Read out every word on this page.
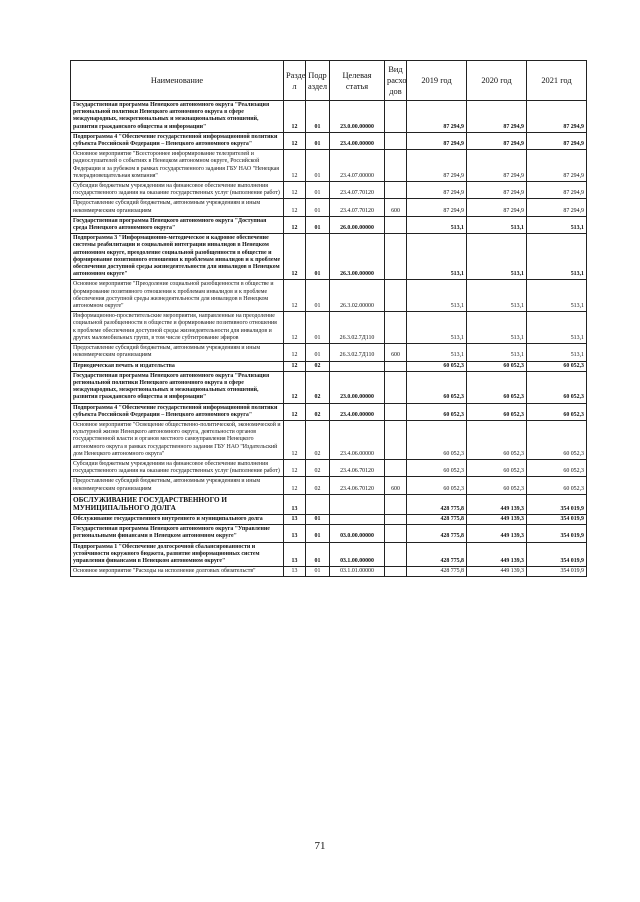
Наименование	Разде л	Подр аздел	Целевая статья	Вид расхо дов	2019 год	2020 год	2021 год
Государственная программа Ненецкого автономного округа "Реализация региональной политики Ненецкого автономного округа в сфере международных, межрегиональных и межнациональных отношений, развития гражданского общества и информации"	12	01	23.0.00.00000		87 294,9	87 294,9	87 294,9
Подпрограмма 4 "Обеспечение государственной информационной политики субъекта Российской Федерации – Ненецкого автономного округа"	12	01	23.4.00.00000		87 294,9	87 294,9	87 294,9
Основное мероприятие "Всестороннее информирование телезрителей и радиослушателей о событиях в Ненецком автономном округе, Российской Федерации и за рубежом в рамках государственного задания ГБУ НАО "Ненецкая телерадиовещательная компания"	12	01	23.4.07.00000		87 294,9	87 294,9	87 294,9
Субсидии бюджетным учреждениям на финансовое обеспечение выполнения государственного задания на оказание государственных услуг (выполнение работ)	12	01	23.4.07.70120		87 294,9	87 294,9	87 294,9
Предоставление субсидий бюджетным, автономным учреждениям и иным некоммерческим организациям	12	01	23.4.07.70120	600	87 294,9	87 294,9	87 294,9
Государственная программа Ненецкого автономного округа "Доступная среда Ненецкого автономного округа"	12	01	26.0.00.00000		513,1	513,1	513,1
Подпрограмма 3 "Информационно-методическое и кадровое обеспечение системы реабилитации и социальной интеграции инвалидов в Ненецком автономном округе, преодоление социальной разобщенности в обществе и формирование позитивного отношения к проблемам инвалидов и к проблеме обеспечения доступной среды жизнедеятельности для инвалидов в Ненецком автономном округе"	12	01	26.3.00.00000		513,1	513,1	513,1
Основное мероприятие "Преодоление социальной разобщенности в обществе и формирование позитивного отношения к проблемам инвалидов и к проблеме обеспечения доступной среды жизнедеятельности для инвалидов в Ненецком автономном округе"	12	01	26.3.02.00000		513,1	513,1	513,1
Информационно-просветительские мероприятия, направленные на преодоление социальной разобщенности в обществе и формирование позитивного отношения к проблеме обеспечения доступной среды жизнедеятельности для инвалидов и других маломобильных групп, в том числе субтитрование эфиров	12	01	26.3.02.7Д110		513,1	513,1	513,1
Предоставление субсидий бюджетным, автономным учреждениям и иным некоммерческим организациям	12	01	26.3.02.7Д110	600	513,1	513,1	513,1
Периодическая печать и издательства	12	02			60 052,3	60 052,3	60 052,3
Государственная программа Ненецкого автономного округа "Реализация региональной политики Ненецкого автономного округа в сфере международных, межрегиональных и межнациональных отношений, развития гражданского общества и информации"	12	02	23.0.00.00000		60 052,3	60 052,3	60 052,3
Подпрограмма 4 "Обеспечение государственной информационной политики субъекта Российской Федерации – Ненецкого автономного округа"	12	02	23.4.00.00000		60 052,3	60 052,3	60 052,3
Основное мероприятие "Освещение общественно-политической, экономической и культурной жизни Ненецкого автономного округа, деятельности органов государственной власти и органов местного самоуправления Ненецкого автономного округа в рамках государственного задания ГБУ НАО "Издательский дом Ненецкого автономного округа"	12	02	23.4.06.00000		60 052,3	60 052,3	60 052,3
Субсидии бюджетным учреждениям на финансовое обеспечение выполнения государственного задания на оказание государственных услуг (выполнение работ)	12	02	23.4.06.70120		60 052,3	60 052,3	60 052,3
Предоставление субсидий бюджетным, автономным учреждениям и иным некоммерческим организациям	12	02	23.4.06.70120	600	60 052,3	60 052,3	60 052,3
ОБСЛУЖИВАНИЕ ГОСУДАРСТВЕННОГО И МУНИЦИПАЛЬНОГО ДОЛГА	13				428 775,8	449 139,3	354 019,9
Обслуживание государственного внутреннего и муниципального долга	13	01			428 775,8	449 139,3	354 019,9
Государственная программа Ненецкого автономного округа "Управление региональными финансами в Ненецком автономном округе"	13	01	03.0.00.00000		428 775,8	449 139,3	354 019,9
Подпрограмма 1 "Обеспечение долгосрочной сбалансированности и устойчивости окружного бюджета, развитие информационных систем управления финансами в Ненецком автономном округе"	13	01	03.1.00.00000		428 775,8	449 139,3	354 019,9
Основное мероприятие "Расходы на исполнение долговых обязательств"	13	01	03.1.01.00000		428 775,8	449 139,3	354 019,9
71
